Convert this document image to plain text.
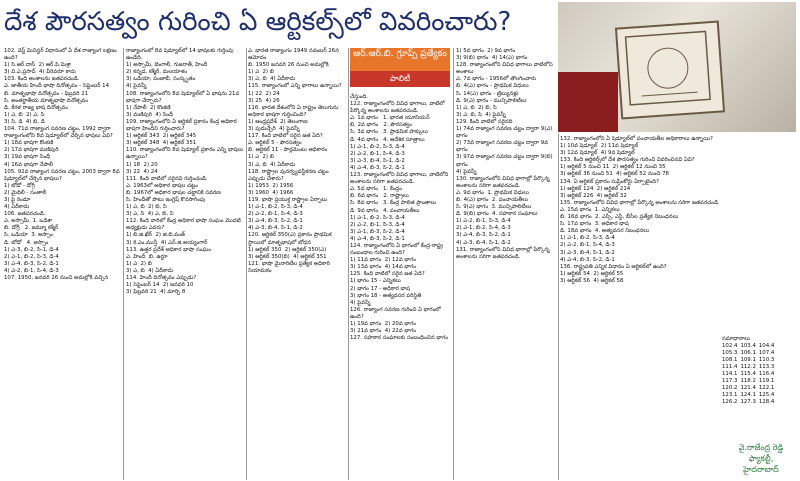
దేశ పౌరసత్వం గురించి ఏ ఆర్టికల్స్‌లో వివరించారు?
ఆర్.ఆర్.బి. గ్రూప్స్ ప్రత్యేకం
పాలిటీ

102. వెస్ట్ మినిస్టర్ విధానంలో ఏ దేశ రాజ్యాంగ లక్షణం ఉంది?

1) సి.ఆర్.దాస్  2) ఆర్.పి.మిశ్రా

3) వి.ఎ.ప్రసాద్  4) వీరెవరూ కాదు

103. కింది అంశాలను జతపరచండి.

ఎ. జాతీయ హిందీ భాషా దినోత్సవం - సెప్టెంబర్ 14

బి. మాతృభాషా దినోత్సవం - ఫిబ్రవరి 21

సి. అంతర్జాతీయ మాతృభాషా దినోత్సవం

డి. కేరళ రాజ్య భాష దినోత్సవం

1) ఎ, బి  2) ఎ, సి

3) సి, డి  4) బి, డి

104. 71వ రాజ్యాంగ సవరణ చట్టం, 1992 ద్వారా రాజ్యాంగంలోని 8వ షెడ్యూల్‌లో చేర్చిన భాషలు ఏవి?

1) 18వ భాషగా కొంకణి

2) 17వ భాషగా మణిపురి

3) 19వ భాషగా సింధీ

4) 16వ భాషగా నేపాలీ

105. 92వ రాజ్యాంగ సవరణ చట్టం, 2003 ద్వారా 8వ షెడ్యూల్‌లో చేర్చిన భాషలు?

1) బోడో - డోగ్రీ

2) మైథిలీ - సంతాలీ

3) పై రెండూ

4) ఏదీకాదు

106. జతపరచండి.

ఎ. అస్సామీ  1. ఒడిశా

బి. డోగ్రీ   2. జమ్మూ కశ్మీర్

సి. ఒడియా  3. అస్సాం

డి. బోడో   4. అస్సాం

1) ఎ-3, బి-2, సి-1, డి-4

2) ఎ-1, బి-2, సి-3, డి-4

3) ఎ-4, బి-3, సి-2, డి-1

4) ఎ-2, బి-1, సి-4, డి-3

107. 1950, జనవరి 26 నుంచి అమల్లోకి వచ్చిన

రాజ్యాంగంలో 8వ షెడ్యూల్‌లో 14 భాషలకు గుర్తింపు ఉండేది.

1) అస్సామీ, బెంగాలీ, గుజరాతీ, హిందీ

2) కన్నడ, కశ్మీరీ, మలయాళం

3) ఒడియా, పంజాబీ, సంస్కృతం

4) పైవన్నీ

108. రాజ్యాంగంలోని 8వ షెడ్యూల్‌లో ఏ భాషను 21వ భాషగా చేర్చారు?

1) నేపాలీ  2) కొంకణి

3) మణిపురి  4) సింధీ

109. రాజ్యాంగంలోని ఏ ఆర్టికల్ ప్రకారం కేంద్ర అధికార భాషగా హిందీని గుర్తించారు?

1) ఆర్టికల్ 343  2) ఆర్టికల్ 345

3) ఆర్టికల్ 348  4) ఆర్టికల్ 351

110. రాజ్యాంగంలోని 8వ షెడ్యూల్ ప్రకారం ఎన్ని భాషలు ఉన్నాయి?

1) 18  2) 20

3) 22  4) 24

111. కింది వాటిలో సరైనవి గుర్తించండి.

ఎ. 1963లో అధికార భాషల చట్టం

బి. 1967లో అధికార భాషల చట్టానికి సవరణ

సి. హిందీతో పాటు ఇంగ్లిష్ కొనసాగింపు

1) ఎ, బి  2) బి, సి

3) ఎ, సి  4) ఎ, బి, సి

112. కింది వారిలో కేంద్ర అధికార భాషా సంఘం మొదటి అధ్యక్షుడు ఎవరు?

1) బి.జి.ఖేర్  2) జి.బి.పంత్

3) కె.ఎం.మున్షీ  4) ఎన్.జి.అయ్యంగార్

113. ఉత్తర ప్రదేశ్ అధికార భాషా సంఘం

ఎ. హిందీ  బి. ఉర్దూ

1) ఎ  2) బి

3) ఎ, బి  4) ఏదీకాదు

114. హిందీ దినోత్సవం ఎప్పుడు?

1) సెప్టెంబర్ 14  2) జనవరి 10

3) ఫిబ్రవరి 21  4) మార్చి 8

ఎ. భారత రాజ్యాంగం 1949 నవంబర్ 26న ఆమోదం

బి. 1950 జనవరి 26 నుంచి అమల్లోకి

1) ఎ  2) బి

3) ఎ, బి  4) ఏదీకాదు

115. రాజ్యాంగంలో ఎన్ని భాగాలు ఉన్నాయి?

1) 22  2) 24

3) 25  4) 26

116. భారత దేశంలోని ఏ రాష్ట్రం తెలుగును అధికార భాషగా గుర్తించింది?

1) ఆంధ్రప్రదేశ్  2) తెలంగాణ

3) పుదుచ్చేరి  4) పైవన్నీ

117. కింది వాటిలో సరైన జత ఏది?

ఎ. ఆర్టికల్ 5 - పౌరసత్వం

బి. ఆర్టికల్ 11 - పార్లమెంటు అధికారం

1) ఎ  2) బి

3) ఎ, బి  4) ఏదీకాదు

118. రాష్ట్రాల పునర్వ్యవస్థీకరణ చట్టం ఎప్పుడు చేశారు?

1) 1953  2) 1956

3) 1960  4) 1966

119. భాషా ప్రయుక్త రాష్ట్రాల ఏర్పాటు

1) ఎ-1, బి-2, సి-3, డి-4

2) ఎ-2, బి-1, సి-4, డి-3

3) ఎ-4, బి-3, సి-2, డి-1

4) ఎ-3, బి-4, సి-1, డి-2

120. ఆర్టికల్ 350(ఎ) ప్రకారం ప్రాథమిక స్థాయిలో మాతృభాషలో బోధన

1) ఆర్టికల్ 350  2) ఆర్టికల్ 350(ఎ)

3) ఆర్టికల్ 350(బి)  4) ఆర్టికల్ 351

121. భాషా మైనారిటీల ప్రత్యేక అధికారి నియామకం

చేస్తుంది.

122. రాజ్యాంగంలోని వివిధ భాగాలు, వాటిలో పేర్కొన్న అంశాలను జతపరచండి.

ఎ. 1వ భాగం   1. భారత యూనియన్

బి. 2వ భాగం   2. పౌరసత్వం

సి. 3వ భాగం   3. ప్రాథమిక హక్కులు

డి. 4వ భాగం   4. ఆదేశిక సూత్రాలు

1) ఎ-1, బి-2, సి-3, డి-4

2) ఎ-2, బి-1, సి-4, డి-3

3) ఎ-3, బి-4, సి-1, డి-2

4) ఎ-4, బి-3, సి-2, డి-1

123. రాజ్యాంగంలోని వివిధ భాగాలు, వాటిలోని అంశాలను సరిగా జతపరచండి.

ఎ. 5వ భాగం   1. కేంద్రం

బి. 6వ భాగం   2. రాష్ట్రాలు

సి. 8వ భాగం   3. కేంద్ర పాలిత ప్రాంతాలు

డి. 9వ భాగం   4. పంచాయతీలు

1) ఎ-1, బి-2, సి-3, డి-4

2) ఎ-2, బి-1, సి-3, డి-4

3) ఎ-1, బి-3, సి-2, డి-4

4) ఎ-4, బి-3, సి-2, డి-1

124. రాజ్యాంగంలోని ఏ భాగంలో కేంద్ర-రాష్ట్ర సంబంధాల గురించి ఉంది?

1) 11వ భాగం  2) 12వ భాగం

3) 13వ భాగం  4) 14వ భాగం

125. కింది వాటిలో సరైన జత ఏది?

1) భాగం 15 - ఎన్నికలు

2) భాగం 17 - అధికార భాష

3) భాగం 18 - అత్యవసర పరిస్థితి

4) పైవన్నీ

126. రాజ్యాంగ సవరణ గురించి ఏ భాగంలో ఉంది?

1) 19వ భాగం  2) 20వ భాగం

3) 21వ భాగం  4) 22వ భాగం

127. సహకార సంఘాలకు సంబంధించిన భాగం

1) 5వ భాగం  2) 9వ భాగం

3) 9(బి) భాగం  4) 14(ఎ) భాగం

128. రాజ్యాంగంలోని వివిధ భాగాలు వాటిలోని అంశాలు

ఎ. 7వ భాగం - 1956లో తొలగించారు

బి. 4(ఎ) భాగం - ప్రాథమిక విధులు

సి. 14(ఎ) భాగం - ట్రిబ్యునళ్లు

డి. 9(ఎ) భాగం - మున్సిపాలిటీలు

1) ఎ, బి  2) బి, సి

3) ఎ, బి, సి  4) పైవన్నీ

129. కింది వాటిలో సరైనది

1) 74వ రాజ్యాంగ సవరణ చట్టం ద్వారా 9(ఎ) భాగం

2) 73వ రాజ్యాంగ సవరణ చట్టం ద్వారా 9వ భాగం

3) 97వ రాజ్యాంగ సవరణ చట్టం ద్వారా 9(బి) భాగం

4) పైవన్నీ

130. రాజ్యాంగంలోని వివిధ భాగాల్లో పేర్కొన్న అంశాలను సరిగా జతపరచండి.

ఎ. 9వ భాగం  1. ప్రాథమిక విధులు

బి. 4(ఎ) భాగం  2. పంచాయతీలు

సి. 9(ఎ) భాగం  3. మున్సిపాలిటీలు

డి. 9(బి) భాగం  4. సహకార సంఘాలు

1) ఎ-2, బి-1, సి-3, డి-4

2) ఎ-1, బి-2, సి-4, డి-3

3) ఎ-4, బి-3, సి-2, డి-1

4) ఎ-3, బి-4, సి-1, డి-2

131. రాజ్యాంగంలోని వివిధ భాగాల్లో పేర్కొన్న అంశాలను సరిగా జతపరచండి.

132. రాజ్యాంగంలోని ఏ షెడ్యూల్‌లో పంచాయతీల అధికారాలు ఉన్నాయి?

1) 10వ షెడ్యూల్  2) 11వ షెడ్యూల్

3) 12వ షెడ్యూల్  4) 9వ షెడ్యూల్

133. కింది ఆర్టికల్స్‌లో దేశ పౌరసత్వం గురించి వివరించినవి ఏవి?

1) ఆర్టికల్ 5 నుంచి 11  2) ఆర్టికల్ 12 నుంచి 35

3) ఆర్టికల్ 36 నుంచి 51  4) ఆర్టికల్ 52 నుంచి 78

134. ఏ ఆర్టికల్ ప్రకారం సుప్రీంకోర్టు ఏర్పాటైంది?

1) ఆర్టికల్ 124  2) ఆర్టికల్ 214

3) ఆర్టికల్ 226  4) ఆర్టికల్ 32

135. రాజ్యాంగంలోని వివిధ భాగాల్లో పేర్కొన్న అంశాలను సరిగా జతపరచండి.

ఎ. 15వ భాగం  1. ఎన్నికలు

బి. 16వ భాగం  2. ఎస్సీ, ఎస్టీ, బీసీల ప్రత్యేక నిబంధనలు

సి. 17వ భాగం  3. అధికార భాష

డి. 18వ భాగం  4. అత్యవసర నిబంధనలు

1) ఎ-1, బి-2, సి-3, డి-4

2) ఎ-2, బి-1, సి-4, డి-3

3) ఎ-3, బి-4, సి-1, డి-2

4) ఎ-4, బి-3, సి-2, డి-1

136. రాష్ట్రపతి ఎన్నిక విధానం ఏ ఆర్టికల్‌లో ఉంది?

1) ఆర్టికల్ 54  2) ఆర్టికల్ 55

3) ఆర్టికల్ 56  4) ఆర్టికల్ 58

సమాధానాలు
102.4	103.4	104.4
105.3	106.1	107.4
108.1	109.1	110.3
111.4	112.2	113.3
114.1	115.4	116.4
117.3	118.2	119.1
120.2	121.4	122.1
123.1	124.1	125.4
126.2	127.3	128.4
వై.రాజేంద్ర రెడ్డి
ఫ్యాకల్టీ,
హైదరాబాద్
